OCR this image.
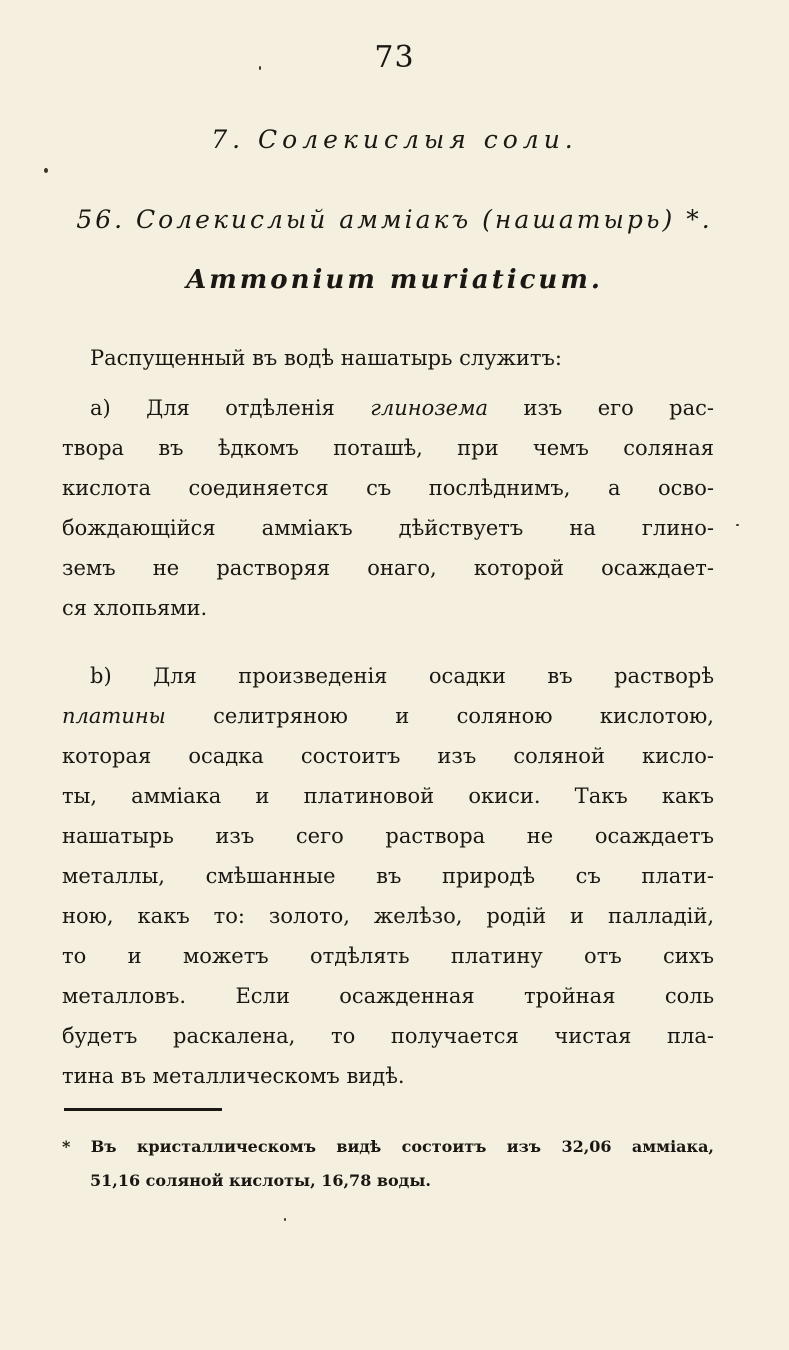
73
7. Солекислыя соли.
56. Солекислый амміакъ (нашатырь) *.
Ammonium muriaticum.
Распущенный въ водѣ нашатырь служитъ:
а) Для отдѣленія глинозема изъ его рас-
твора въ ѣдкомъ поташѣ, при чемъ соляная
кислота соединяется съ послѣднимъ, а осво-
бождающійся амміакъ дѣйствуетъ на глино-
земъ не растворяя онаго, которой осаждает-
ся хлопьями.
b) Для произведенія осадки въ растворѣ
платины селитряною и соляною кислотою,
которая осадка состоитъ изъ соляной кисло-
ты, амміака и платиновой окиси. Такъ какъ
нашатырь изъ сего раствора не осаждаетъ
металлы, смѣшанные въ природѣ съ плати-
ною, какъ то: золото, желѣзо, родій и палладій,
то и можетъ отдѣлять платину отъ сихъ
металловъ. Если осажденная тройная соль
будетъ раскалена, то получается чистая пла-
тина въ металлическомъ видѣ.
* Въ кристаллическомъ видѣ состоитъ изъ 32,06 амміака,
51,16 соляной кислоты, 16,78 воды.
